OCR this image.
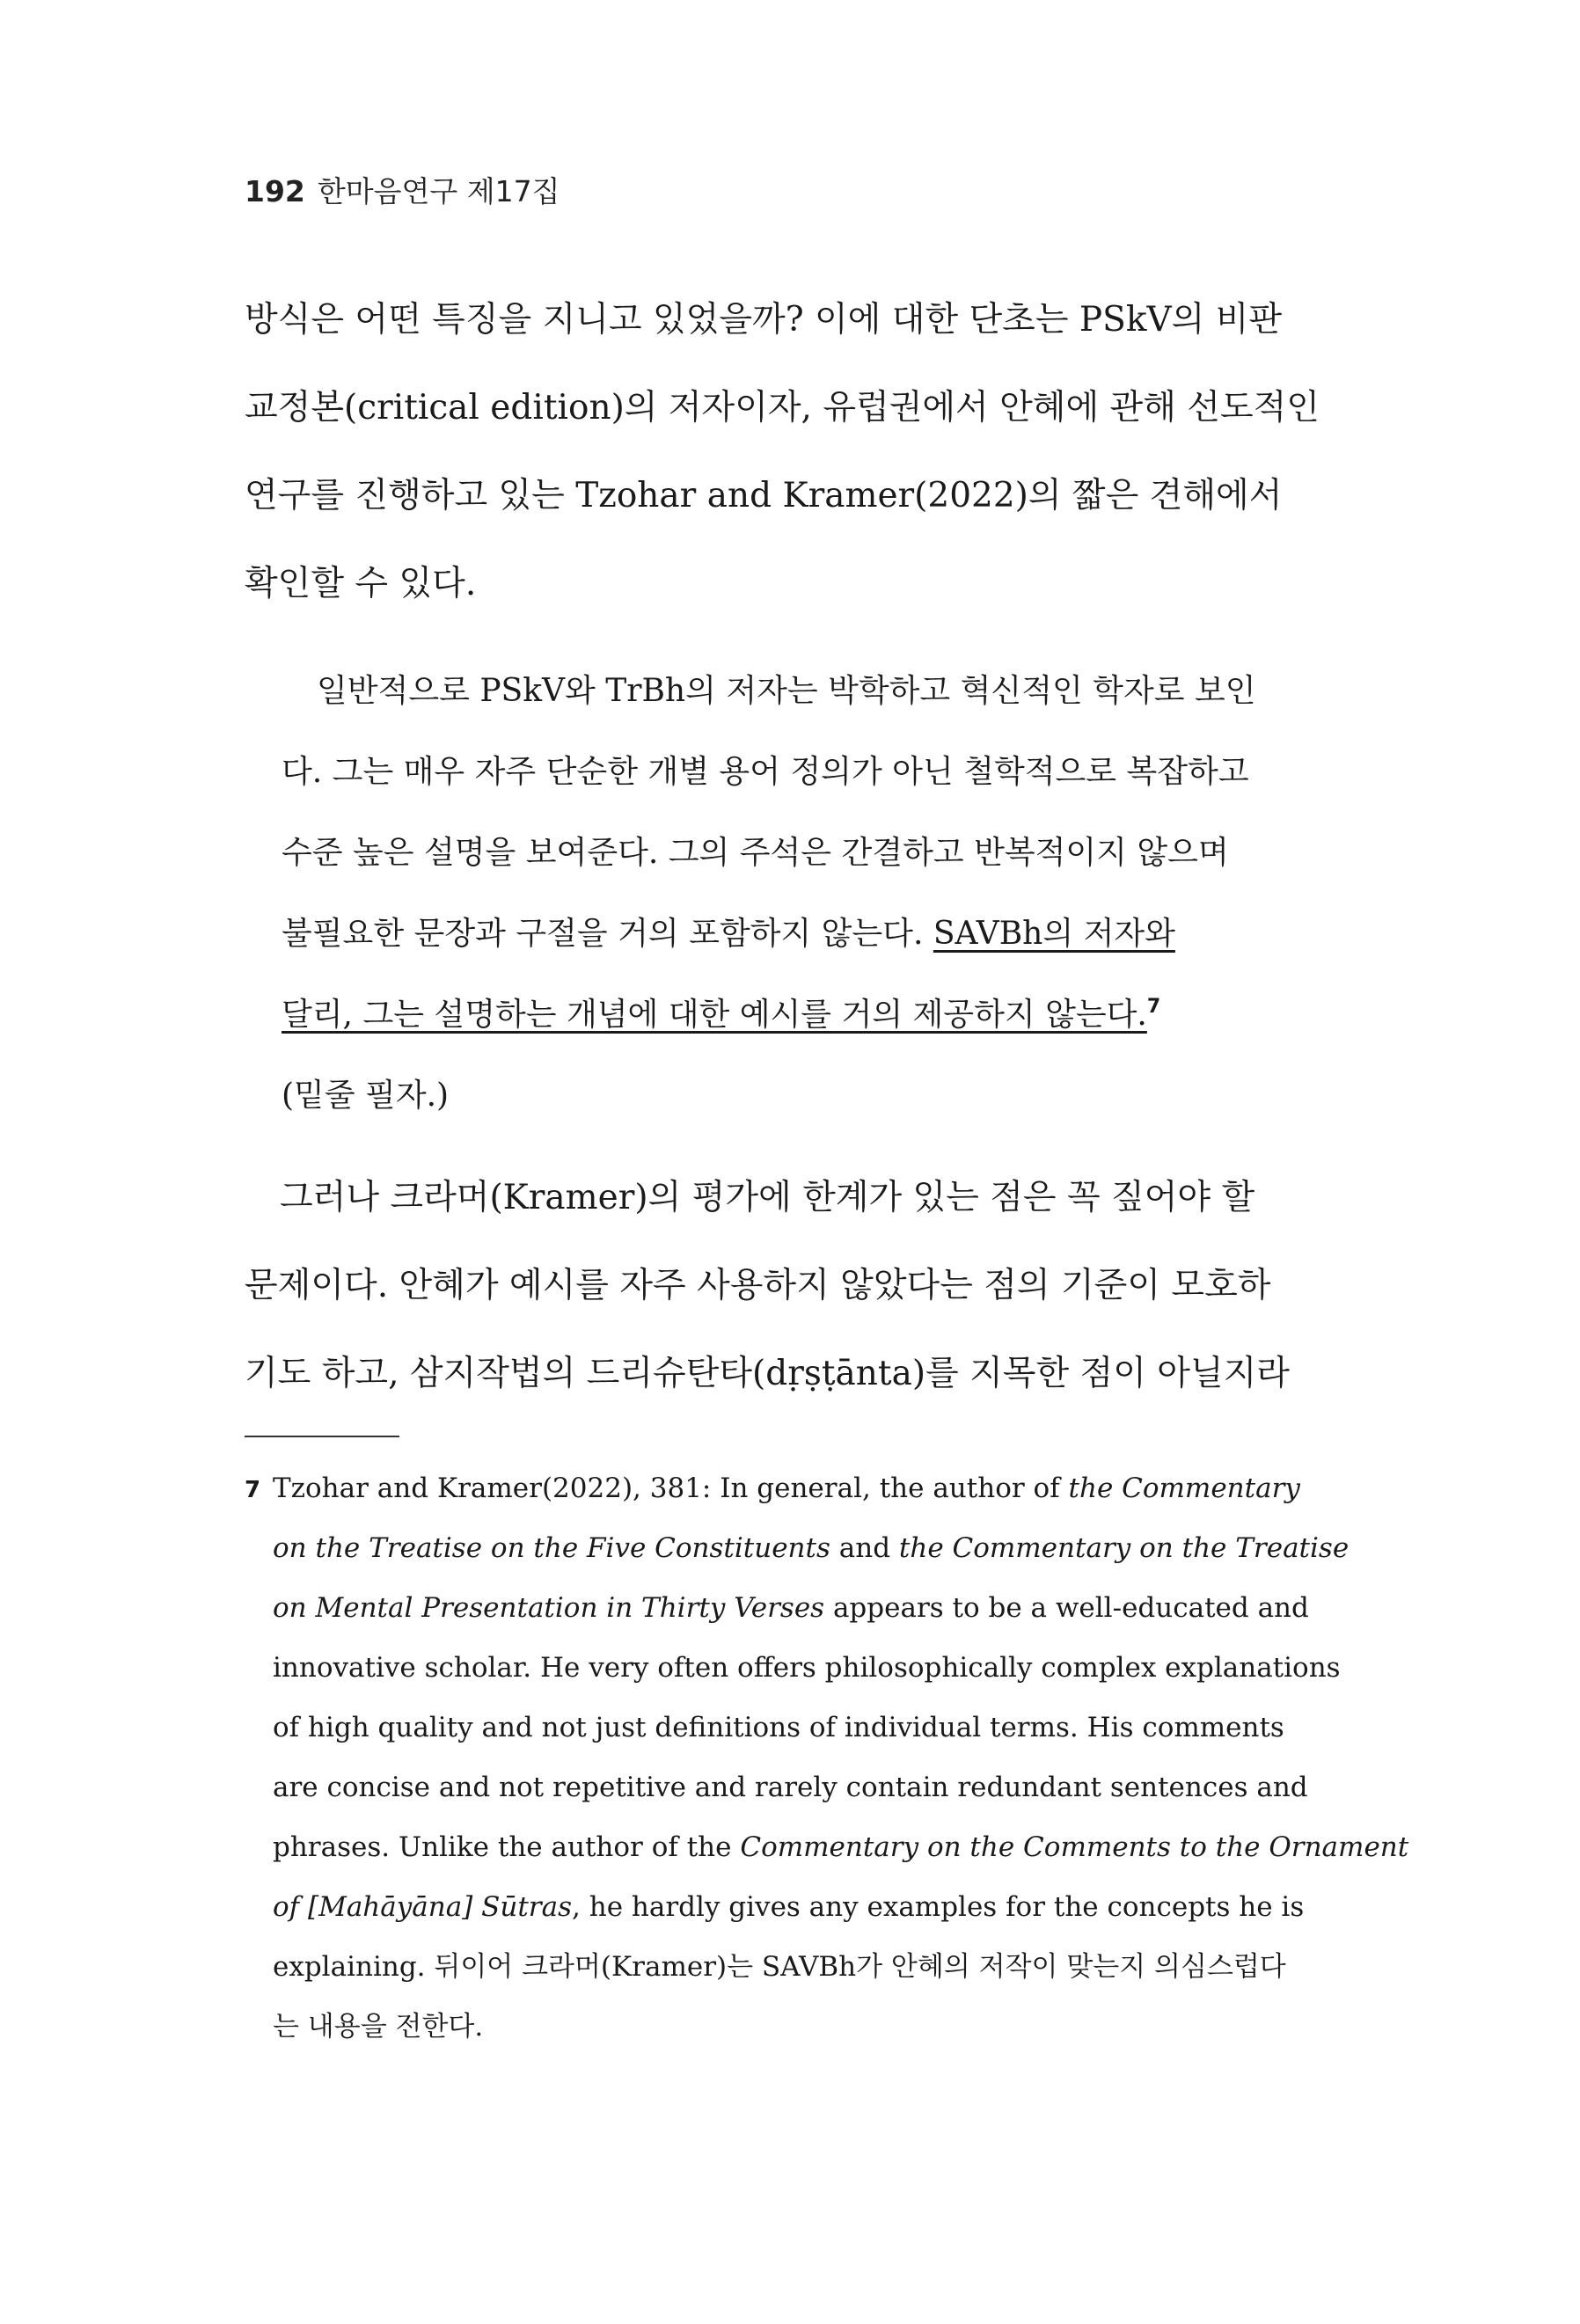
192 한마음연구 제17집
방식은 어떤 특징을 지니고 있었을까? 이에 대한 단초는 PSkV의 비판
교정본(critical edition)의 저자이자, 유럽권에서 안혜에 관해 선도적인
연구를 진행하고 있는 Tzohar and Kramer(2022)의 짧은 견해에서
확인할 수 있다.
일반적으로 PSkV와 TrBh의 저자는 박학하고 혁신적인 학자로 보인
다. 그는 매우 자주 단순한 개별 용어 정의가 아닌 철학적으로 복잡하고
수준 높은 설명을 보여준다. 그의 주석은 간결하고 반복적이지 않으며
불필요한 문장과 구절을 거의 포함하지 않는다. SAVBh의 저자와
달리, 그는 설명하는 개념에 대한 예시를 거의 제공하지 않는다.$^7$
(밑줄 필자.)
그러나 크라머(Kramer)의 평가에 한계가 있는 점은 꼭 짚어야 할
문제이다. 안혜가 예시를 자주 사용하지 않았다는 점의 기준이 모호하
기도 하고, 삼지작법의 드리슈탄타(dṛṣṭānta)를 지목한 점이 아닐지라
7 Tzohar and Kramer(2022), 381: In general, the author of the Commentary
on the Treatise on the Five Constituents and the Commentary on the Treatise
on Mental Presentation in Thirty Verses appears to be a well-educated and
innovative scholar. He very often offers philosophically complex explanations
of high quality and not just definitions of individual terms. His comments
are concise and not repetitive and rarely contain redundant sentences and
phrases. Unlike the author of the Commentary on the Comments to the Ornament
of [Mahāyāna] Sūtras, he hardly gives any examples for the concepts he is
explaining. 뒤이어 크라머(Kramer)는 SAVBh가 안혜의 저작이 맞는지 의심스럽다
는 내용을 전한다.
